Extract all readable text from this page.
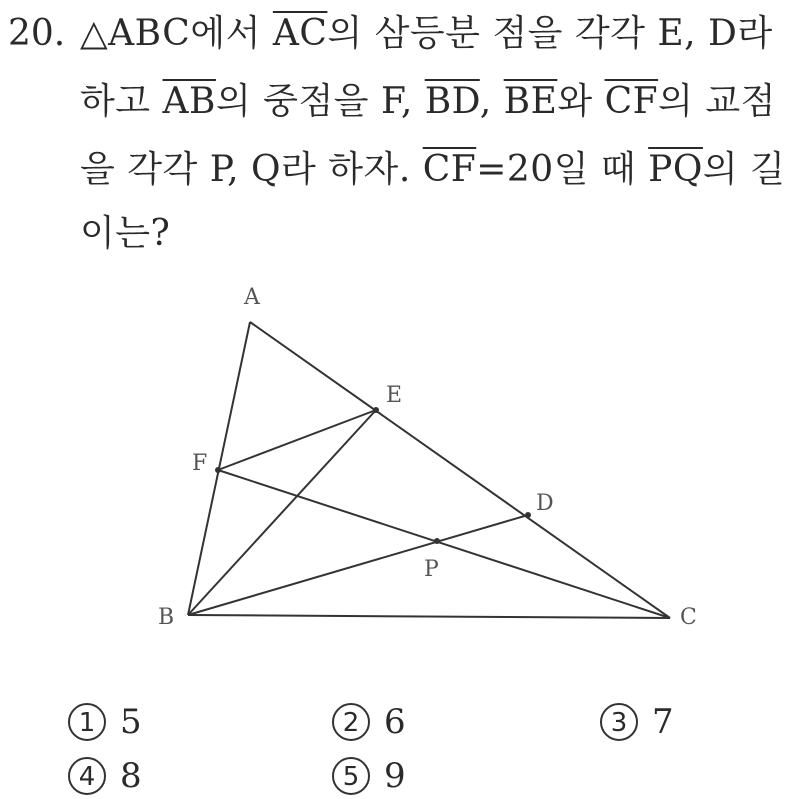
20. △ABC에서 $\overline{AC}$의 삼등분 점을 각각 E, D라
하고 $\overline{AB}$의 중점을 F, $\overline{BD}$, $\overline{BE}$와 $\overline{CF}$의 교점
을 각각 P, Q라 하자. $\overline{CF}=20$일 때 $\overline{PQ}$의 길
이는?
A
E
F
D
P
B	C
1 5	2 6	3 7
4 8	5 9
